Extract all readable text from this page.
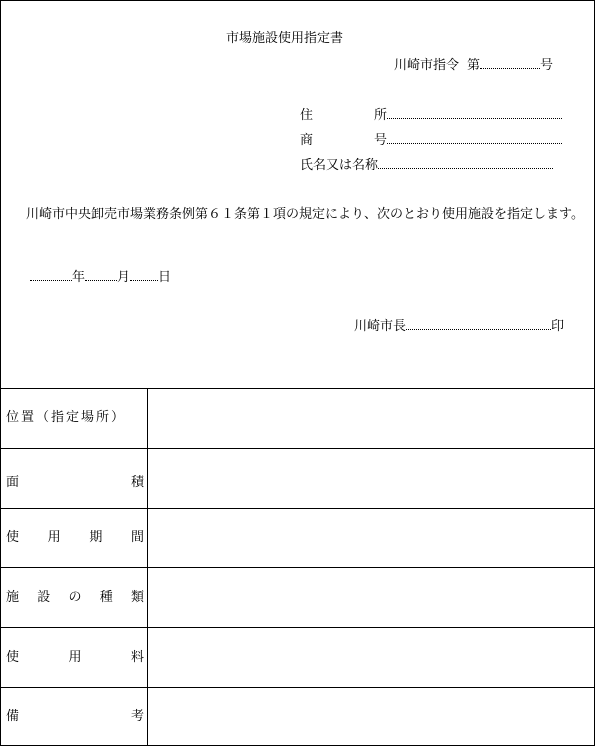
市場施設使用指定書
川崎市指令 第	号
住	所
商	号
氏名又は名称
川崎市中央卸売市場業務条例第６１条第１項の規定により、次のとおり使用施設を指定します。
年 月 日
川崎市長	印
位置（指定場所）
面	積
使 用 期 間
施 設 の 種 類
使	用	料
備	考
